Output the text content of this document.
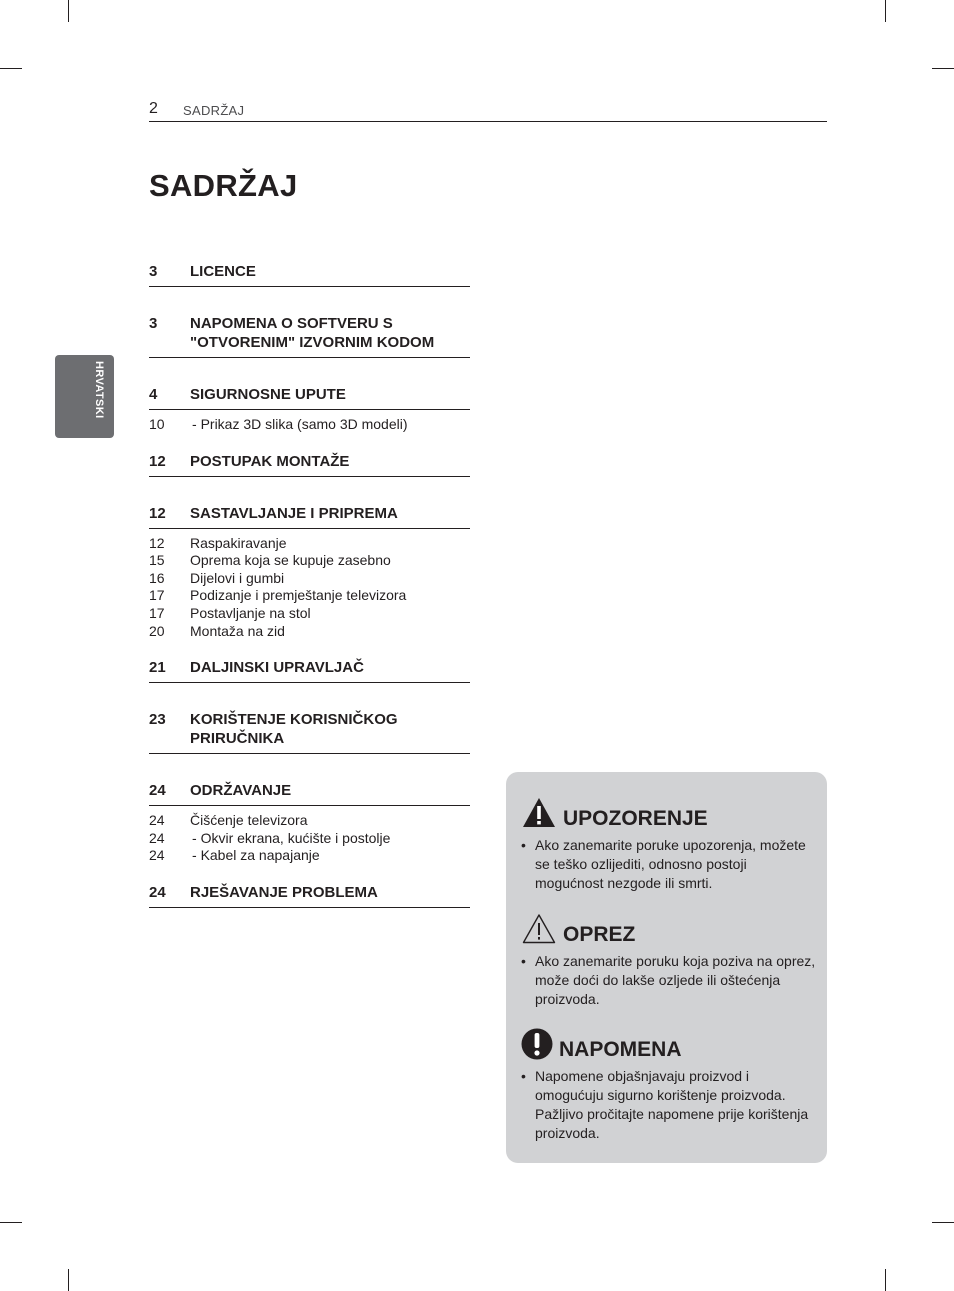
2 SADRŽAJ
HRVATSKI
SADRŽAJ
3	LICENCE
3	NAPOMENA O SOFTVERU S "OTVORENIM" IZVORNIM KODOM
4	SIGURNOSNE UPUTE
10	- Prikaz 3D slika (samo 3D modeli)
12	POSTUPAK MONTAŽE
12	SASTAVLJANJE I PRIPREMA
12	Raspakiravanje
15	Oprema koja se kupuje zasebno
16	Dijelovi i gumbi
17	Podizanje i premještanje televizora
17	Postavljanje na stol
20	Montaža na zid
21	DALJINSKI UPRAVLJAČ
23	KORIŠTENJE KORISNIČKOG PRIRUČNIKA
24	ODRŽAVANJE
24	Čišćenje televizora
24	- Okvir ekrana, kućište i postolje
24	- Kabel za napajanje
24	RJEŠAVANJE PROBLEMA
UPOZORENJE
• Ako zanemarite poruke upozorenja, možete se teško ozlijediti, odnosno postoji mogućnost nezgode ili smrti.
OPREZ
• Ako zanemarite poruku koja poziva na oprez, može doći do lakše ozljede ili oštećenja proizvoda.
NAPOMENA
• Napomene objašnjavaju proizvod i omogućuju sigurno korištenje proizvoda. Pažljivo pročitajte napomene prije korištenja proizvoda.
